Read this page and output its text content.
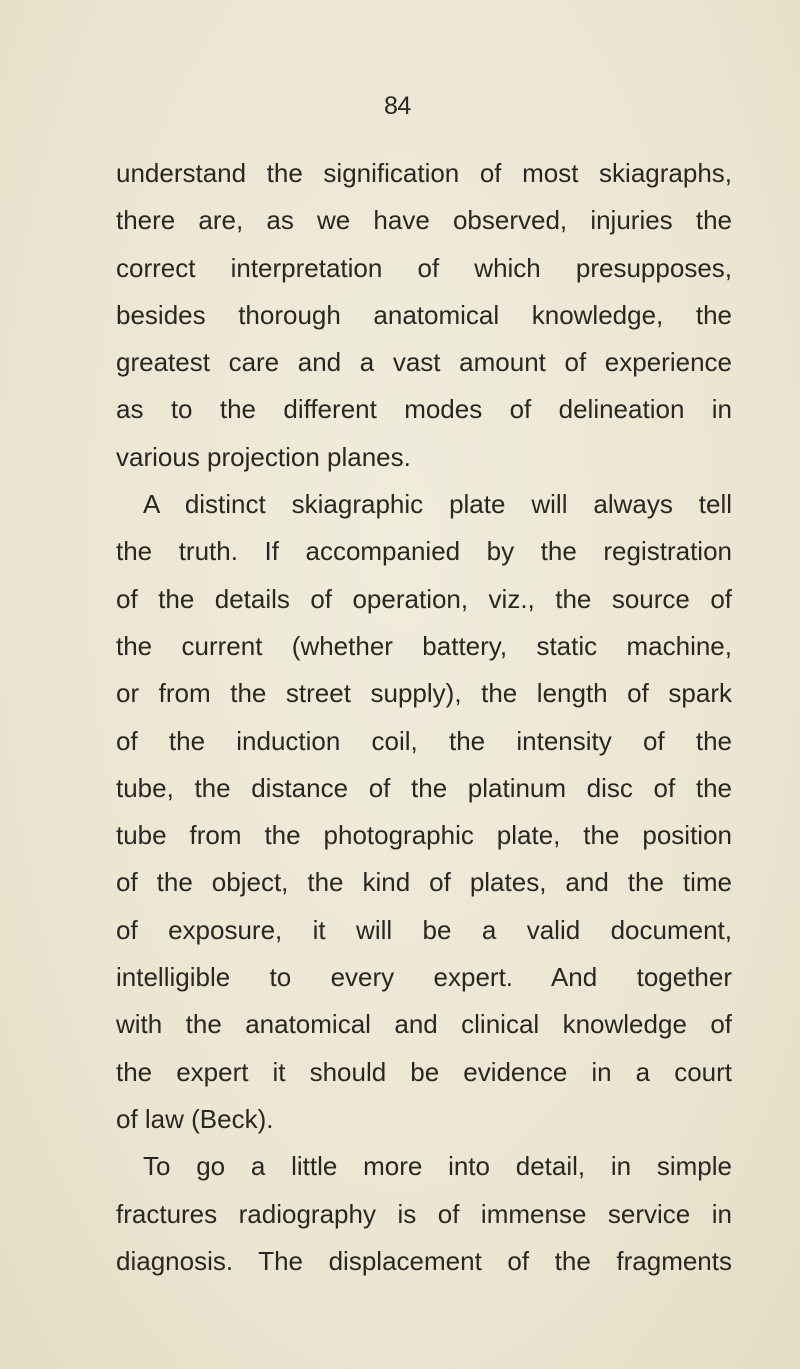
84
understand the signification of most skiagraphs,
there are, as we have observed, injuries the
correct interpretation of which presupposes,
besides thorough anatomical knowledge, the
greatest care and a vast amount of experience
as to the different modes of delineation in
various projection planes.
A distinct skiagraphic plate will always tell
the truth. If accompanied by the registration
of the details of operation, viz., the source of
the current (whether battery, static machine,
or from the street supply), the length of spark
of the induction coil, the intensity of the
tube, the distance of the platinum disc of the
tube from the photographic plate, the position
of the object, the kind of plates, and the time
of exposure, it will be a valid document,
intelligible to every expert. And together
with the anatomical and clinical knowledge of
the expert it should be evidence in a court
of law (Beck).
To go a little more into detail, in simple
fractures radiography is of immense service in
diagnosis. The displacement of the fragments
